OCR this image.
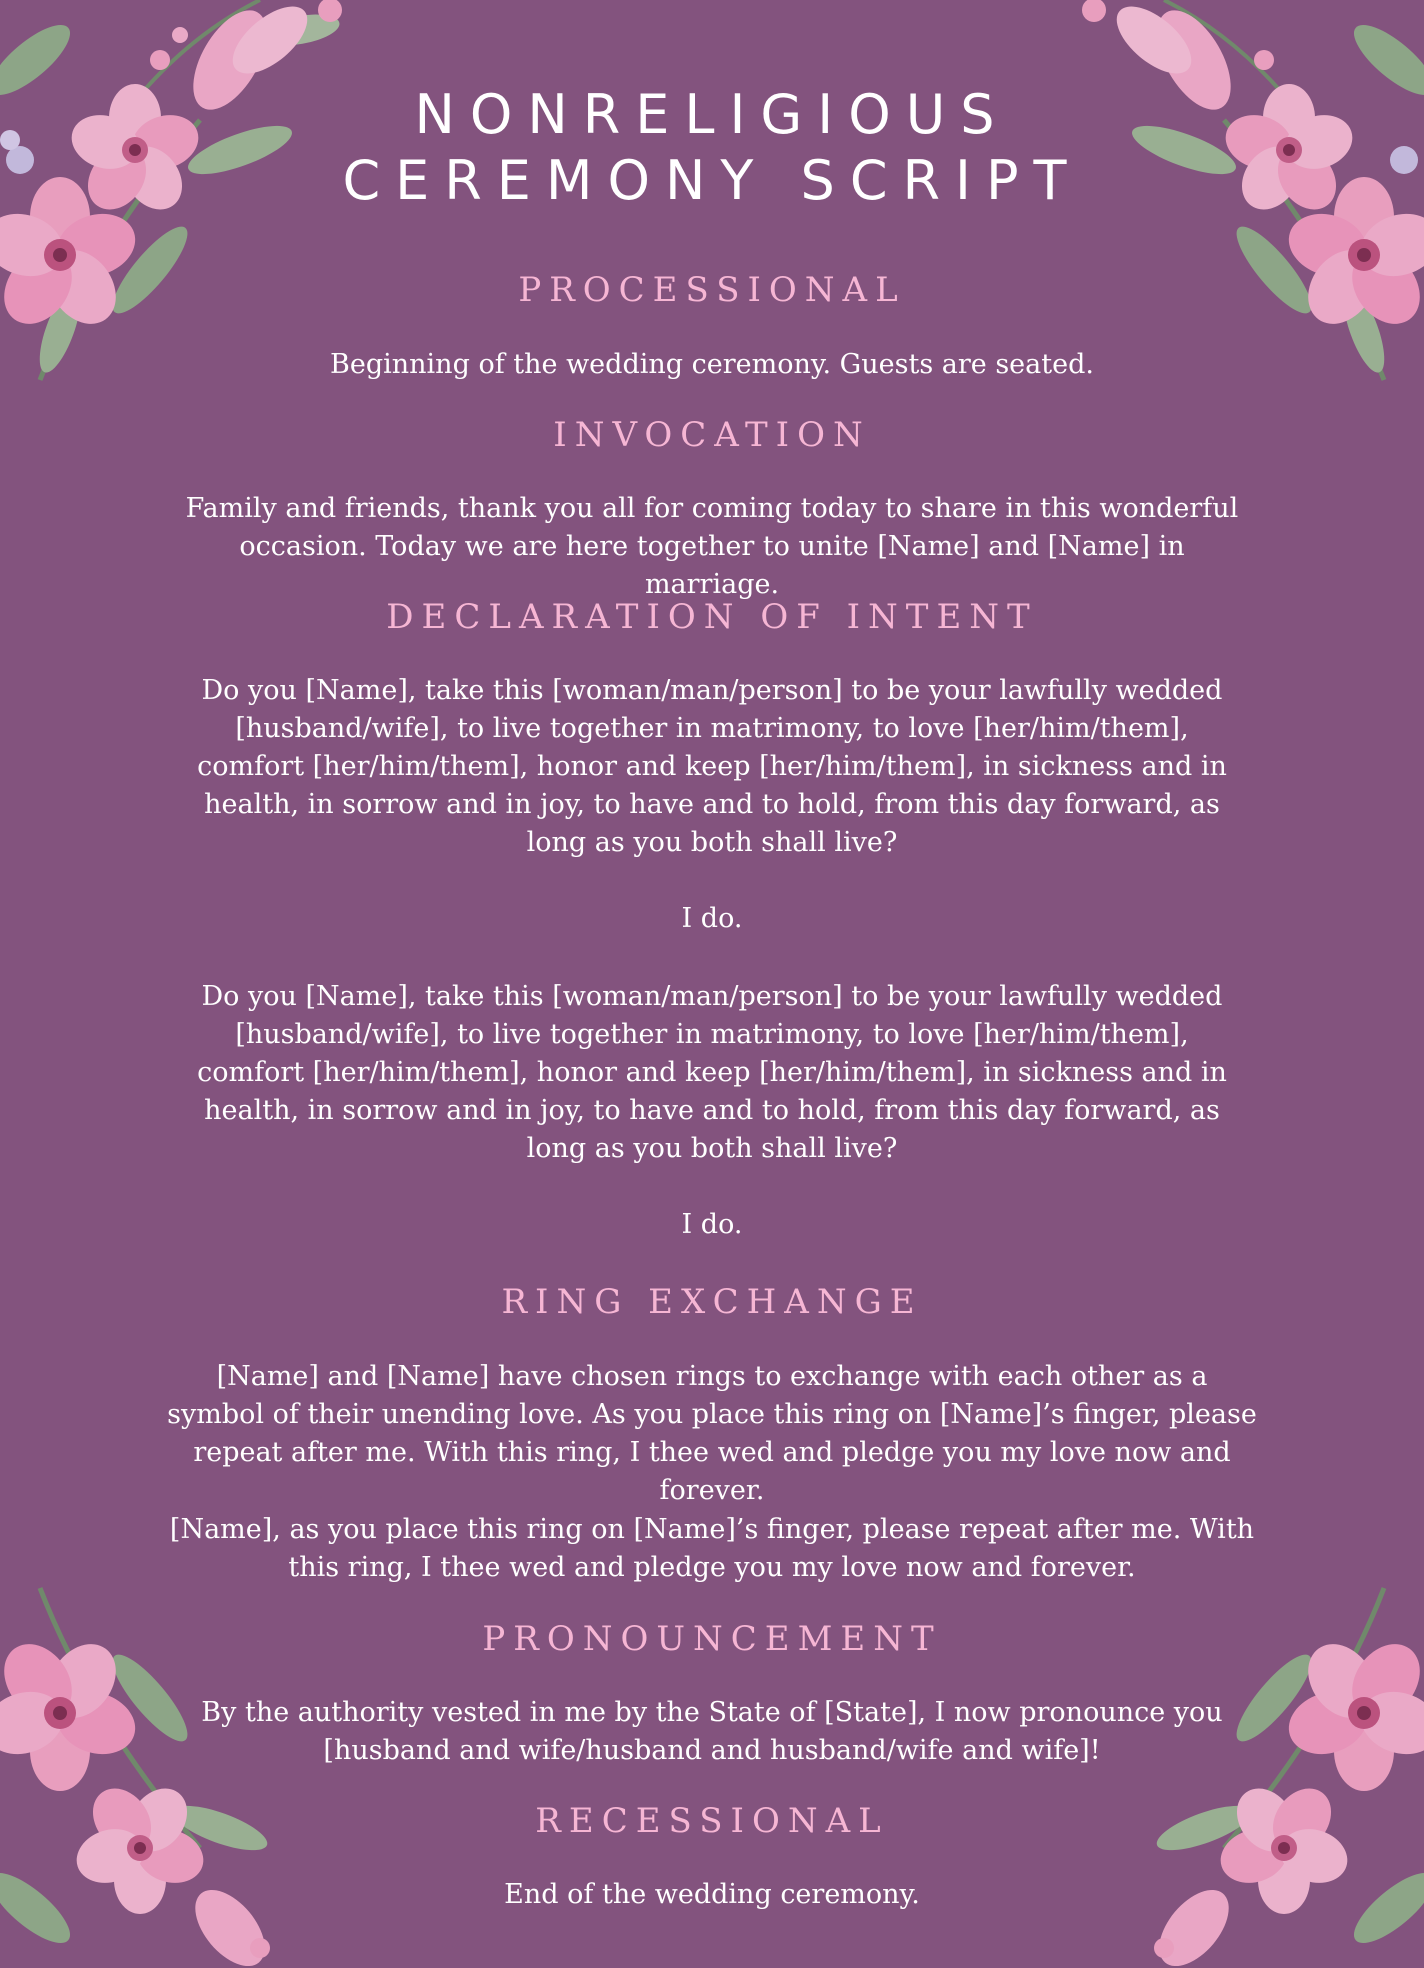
NONRELIGIOUS
CEREMONY SCRIPT
PROCESSIONAL

Beginning of the wedding ceremony. Guests are seated.

INVOCATION

Family and friends, thank you all for coming today to share in this wonderful occasion. Today we are here together to unite [Name] and [Name] in marriage.

DECLARATION OF INTENT

Do you [Name], take this [woman/man/person] to be your lawfully wedded [husband/wife], to live together in matrimony, to love [her/him/them], comfort [her/him/them], honor and keep [her/him/them], in sickness and in health, in sorrow and in joy, to have and to hold, from this day forward, as long as you both shall live?

I do.

Do you [Name], take this [woman/man/person] to be your lawfully wedded [husband/wife], to live together in matrimony, to love [her/him/them], comfort [her/him/them], honor and keep [her/him/them], in sickness and in health, in sorrow and in joy, to have and to hold, from this day forward, as long as you both shall live?

I do.

RING EXCHANGE

[Name] and [Name] have chosen rings to exchange with each other as a symbol of their unending love. As you place this ring on [Name]’s finger, please repeat after me. With this ring, I thee wed and pledge you my love now and forever.

[Name], as you place this ring on [Name]’s finger, please repeat after me. With this ring, I thee wed and pledge you my love now and forever.

PRONOUNCEMENT

By the authority vested in me by the State of [State], I now pronounce you [husband and wife/husband and husband/wife and wife]!

RECESSIONAL

End of the wedding ceremony.
